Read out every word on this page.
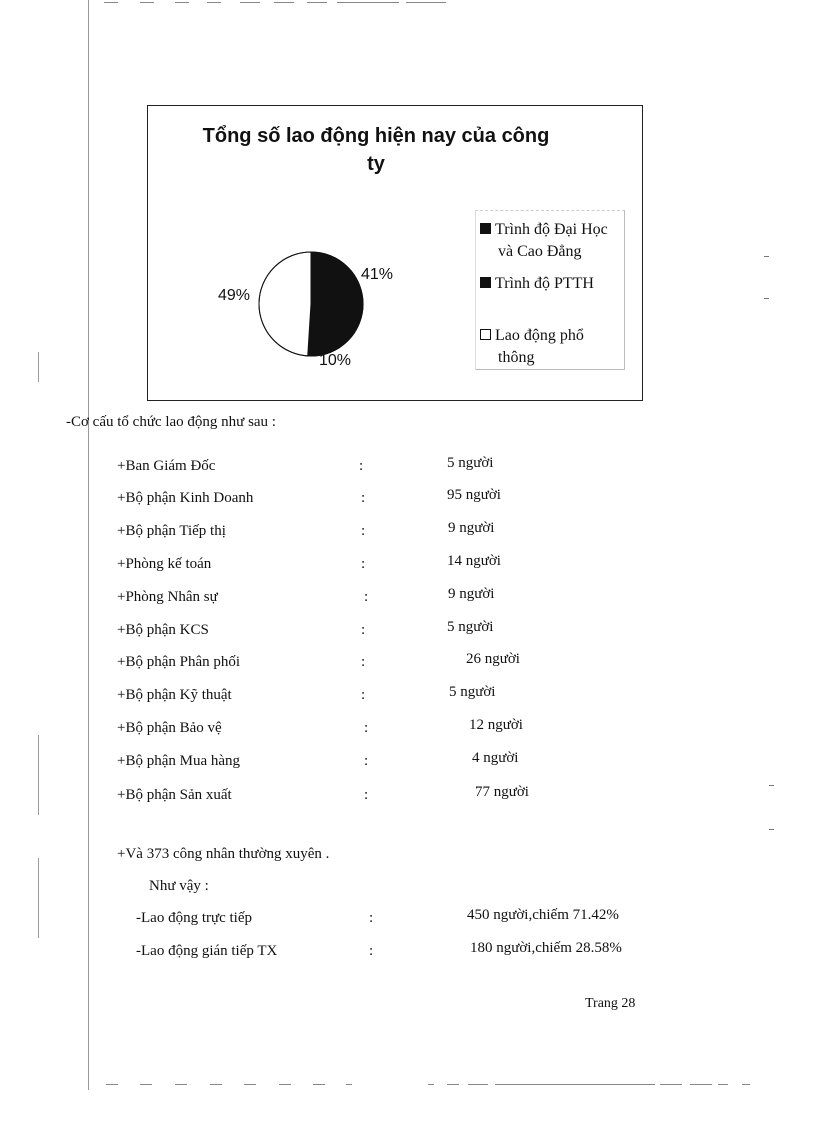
Tổng số lao động hiện nay của công
ty
49%
41%
10%
Trình độ Đại Học
và Cao Đẳng
Trình độ PTTH
Lao động phổ
thông
-Cơ cấu tổ chức lao động như sau :
+Ban Giám Đốc	:	5 người
+Bộ phận Kinh Doanh	:	95 người
+Bộ phận Tiếp thị	:	9 người
+Phòng kế toán	:	14 người
+Phòng Nhân sự	:	9 người
+Bộ phận KCS	:	5 người
+Bộ phận Phân phối	:	26 người
+Bộ phận Kỹ thuật	:	5 người
+Bộ phận Bảo vệ	:	12 người
+Bộ phận Mua hàng	:	4 người
+Bộ phận Sản xuất	:	77 người
+Và 373 công nhân thường xuyên .
Như vậy :
-Lao động trực tiếp	:	450 người,chiếm 71.42%
-Lao động gián tiếp TX	:	180 người,chiếm 28.58%
Trang 28
